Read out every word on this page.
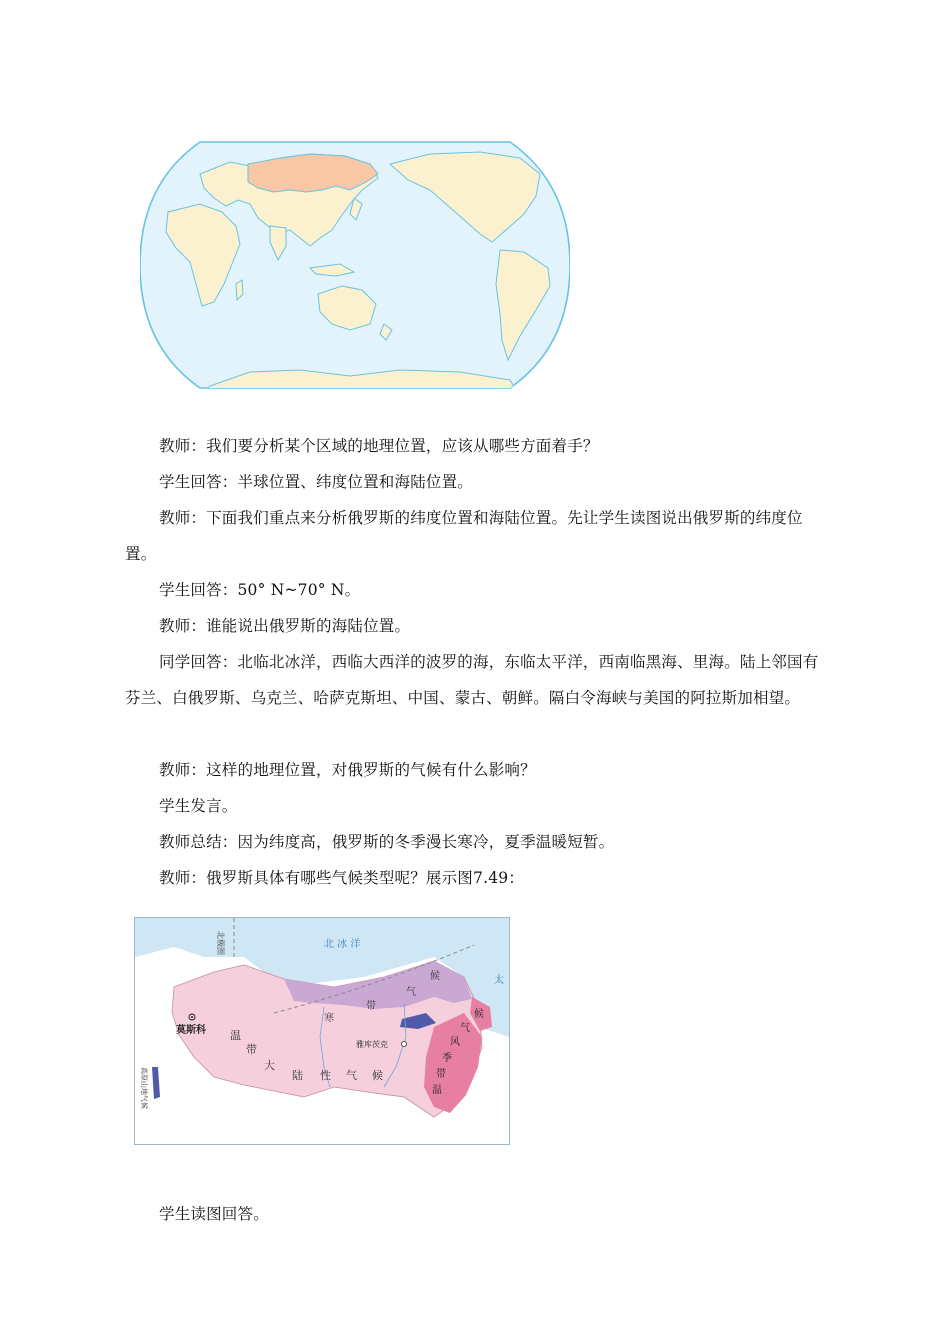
教师：我们要分析某个区域的地理位置，应该从哪些方面着手？
学生回答：半球位置、纬度位置和海陆位置。
教师：下面我们重点来分析俄罗斯的纬度位置和海陆位置。先让学生读图说出俄罗斯的纬度位置。
学生回答：50° N~70° N。
教师：谁能说出俄罗斯的海陆位置。
同学回答：北临北冰洋，西临大西洋的波罗的海，东临太平洋，西南临黑海、里海。陆上邻国有芬兰、白俄罗斯、乌克兰、哈萨克斯坦、中国、蒙古、朝鲜。隔白令海峡与美国的阿拉斯加相望。
教师：这样的地理位置，对俄罗斯的气候有什么影响？
学生发言。
教师总结：因为纬度高，俄罗斯的冬季漫长寒冷，夏季温暖短暂。
教师：俄罗斯具体有哪些气候类型呢？展示图7.49：
北极圈	北 冰 洋
太
莫斯科
雅库茨克
寒
带
气
候
温
带
大
陆 性 气 候
温
带
季
风
气
候
高原山地气候
学生读图回答。
